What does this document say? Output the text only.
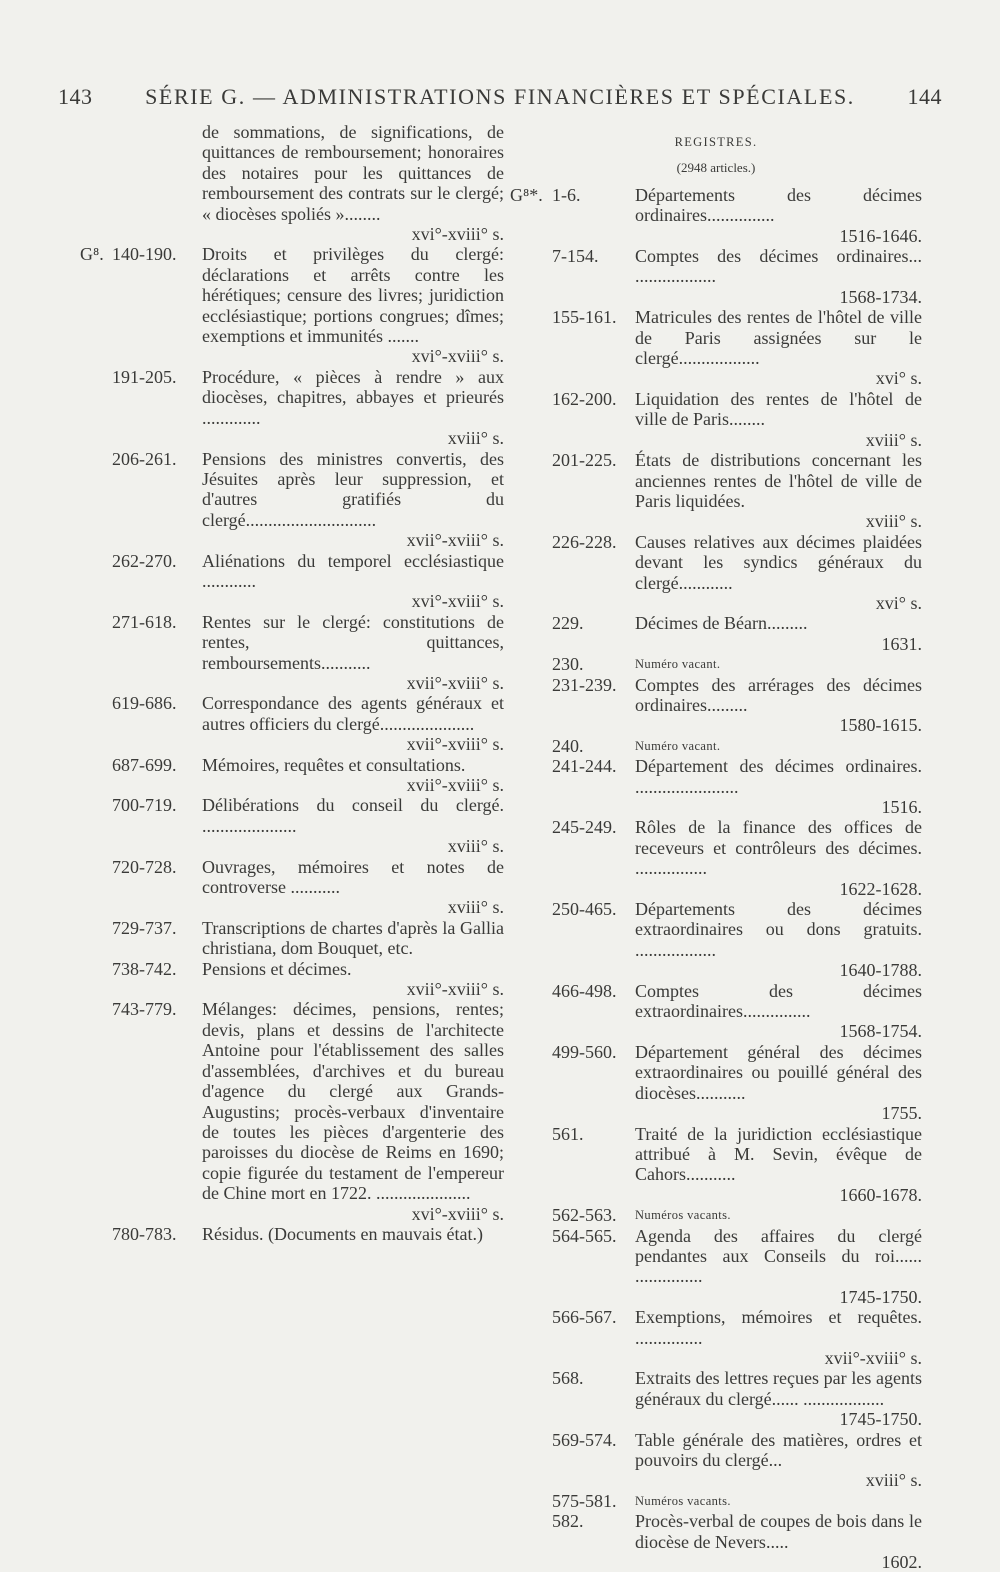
143	SÉRIE G. — ADMINISTRATIONS FINANCIÈRES ET SPÉCIALES.	144
de sommations, de significations, de quittances de remboursement; honoraires des notaires pour les quittances de remboursement des contrats sur le clergé; « diocèses spoliés »........
xvi°-xviii° s.
G⁸. 140-190. Droits et privilèges du clergé: déclarations et arrêts contre les hérétiques; censure des livres; juridiction ecclésiastique; portions congrues; dîmes; exemptions et immunités .......
xvi°-xviii° s.
191-205. Procédure, « pièces à rendre » aux diocèses, chapitres, abbayes et prieurés .............
xviii° s.
206-261. Pensions des ministres convertis, des Jésuites après leur suppression, et d'autres gratifiés du clergé.............................
xvii°-xviii° s.
262-270. Aliénations du temporel ecclésiastique ............
xvi°-xviii° s.
271-618. Rentes sur le clergé: constitutions de rentes, quittances, remboursements...........
xvii°-xviii° s.
619-686. Correspondance des agents généraux et autres officiers du clergé.....................
xvii°-xviii° s.
687-699. Mémoires, requêtes et consultations.
xvii°-xviii° s.
700-719. Délibérations du conseil du clergé. .....................
xviii° s.
720-728. Ouvrages, mémoires et notes de controverse ...........
xviii° s.
729-737. Transcriptions de chartes d'après la Gallia christiana, dom Bouquet, etc.
738-742. Pensions et décimes.
xvii°-xviii° s.
743-779. Mélanges: décimes, pensions, rentes; devis, plans et dessins de l'architecte Antoine pour l'établissement des salles d'assemblées, d'archives et du bureau d'agence du clergé aux Grands-Augustins; procès-verbaux d'inventaire de toutes les pièces d'argenterie des paroisses du diocèse de Reims en 1690; copie figurée du testament de l'empereur de Chine mort en 1722. .....................
xvi°-xviii° s.
780-783. Résidus. (Documents en mauvais état.)
REGISTRES.
(2948 articles.)
G⁸*. 1-6.	Départements des décimes ordinaires...............
1516-1646.
7-154. Comptes des décimes ordinaires... ..................
1568-1734.
155-161. Matricules des rentes de l'hôtel de ville de Paris assignées sur le clergé..................
xvi° s.
162-200. Liquidation des rentes de l'hôtel de ville de Paris........
xviii° s.
201-225. États de distributions concernant les anciennes rentes de l'hôtel de ville de Paris liquidées.
xviii° s.
226-228. Causes relatives aux décimes plaidées devant les syndics généraux du clergé............
xvi° s.
229.	Décimes de Béarn.........
1631.
230.	Numéro vacant.
231-239. Comptes des arrérages des décimes ordinaires.........
1580-1615.
240.	Numéro vacant.
241-244. Département des décimes ordinaires. .......................
1516.
245-249. Rôles de la finance des offices de receveurs et contrôleurs des décimes. ................
1622-1628.
250-465. Départements des décimes extraordinaires ou dons gratuits. ..................
1640-1788.
466-498. Comptes des décimes extraordinaires...............
1568-1754.
499-560. Département général des décimes extraordinaires ou pouillé général des diocèses...........
1755.
561.	Traité de la juridiction ecclésiastique attribué à M. Sevin, évêque de Cahors...........
1660-1678.
562-563. Numéros vacants.
564-565. Agenda des affaires du clergé pendantes aux Conseils du roi...... ...............
1745-1750.
566-567. Exemptions, mémoires et requêtes. ...............
xvii°-xviii° s.
568.	Extraits des lettres reçues par les agents généraux du clergé...... ..................
1745-1750.
569-574. Table générale des matières, ordres et pouvoirs du clergé...
xviii° s.
575-581. Numéros vacants.
582.	Procès-verbal de coupes de bois dans le diocèse de Nevers.....
1602.
